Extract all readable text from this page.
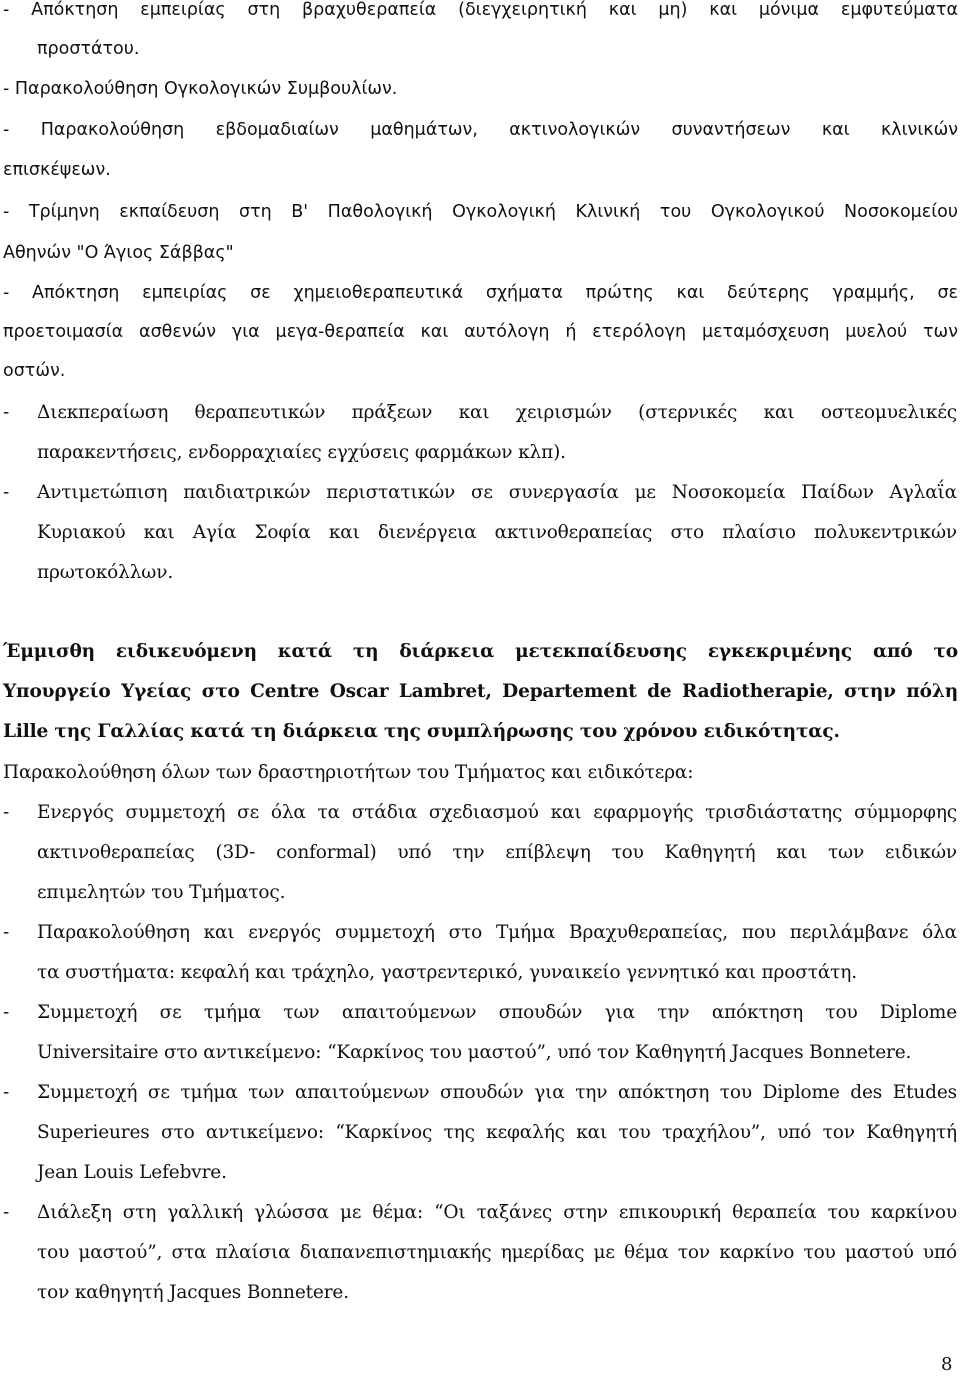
- Απόκτηση εμπειρίας στη βραχυθεραπεία (διεγχειρητική και μη) και μόνιμα εμφυτεύματα
προστάτου.
- Παρακολούθηση Ογκολογικών Συμβουλίων.
- Παρακολούθηση εβδομαδιαίων μαθημάτων, ακτινολογικών συναντήσεων και κλινικών
επισκέψεων.
- Τρίμηνη εκπαίδευση στη Β' Παθολογική Ογκολογική Κλινική του Ογκολογικού Νοσοκομείου
Αθηνών "Ο Άγιος Σάββας"
- Απόκτηση εμπειρίας σε χημειοθεραπευτικά σχήματα πρώτης και δεύτερης γραμμής, σε
προετοιμασία ασθενών για μεγα-θεραπεία και αυτόλογη ή ετερόλογη μεταμόσχευση μυελού των
οστών.
- Διεκπεραίωση θεραπευτικών πράξεων και χειρισμών (στερνικές και οστεομυελικές
παρακεντήσεις, ενδορραχιαίες εγχύσεις φαρμάκων κλπ).
- Αντιμετώπιση παιδιατρικών περιστατικών σε συνεργασία με Νοσοκομεία Παίδων Αγλαΐα
Κυριακού και Αγία Σοφία και διενέργεια ακτινοθεραπείας στο πλαίσιο πολυκεντρικών
πρωτοκόλλων.
Έμμισθη ειδικευόμενη κατά τη διάρκεια μετεκπαίδευσης εγκεκριμένης από το
Υπουργείο Υγείας στο Centre Oscar Lambret, Departement de Radiotherapie, στην πόλη
Lille της Γαλλίας κατά τη διάρκεια της συμπλήρωσης του χρόνου ειδικότητας.
Παρακολούθηση όλων των δραστηριοτήτων του Τμήματος και ειδικότερα:
- Ενεργός συμμετοχή σε όλα τα στάδια σχεδιασμού και εφαρμογής τρισδιάστατης σύμμορφης
ακτινοθεραπείας (3D- conformal) υπό την επίβλεψη του Καθηγητή και των ειδικών
επιμελητών του Τμήματος.
- Παρακολούθηση και ενεργός συμμετοχή στο Τμήμα Βραχυθεραπείας, που περιλάμβανε όλα
τα συστήματα: κεφαλή και τράχηλο, γαστρεντερικό, γυναικείο γεννητικό και προστάτη.
- Συμμετοχή σε τμήμα των απαιτούμενων σπουδών για την απόκτηση του Diplome
Universitaire στο αντικείμενο: “Καρκίνος του μαστού”, υπό τον Καθηγητή Jacques Bonnetere.
- Συμμετοχή σε τμήμα των απαιτούμενων σπουδών για την απόκτηση του Diplome des Etudes
Superieures στο αντικείμενο: “Καρκίνος της κεφαλής και του τραχήλου”, υπό τον Καθηγητή
Jean Louis Lefebvre.
- Διάλεξη στη γαλλική γλώσσα με θέμα: “Οι ταξάνες στην επικουρική θεραπεία του καρκίνου
του μαστού”, στα πλαίσια διαπανεπιστημιακής ημερίδας με θέμα τον καρκίνο του μαστού υπό
τον καθηγητή Jacques Bonnetere.
8
